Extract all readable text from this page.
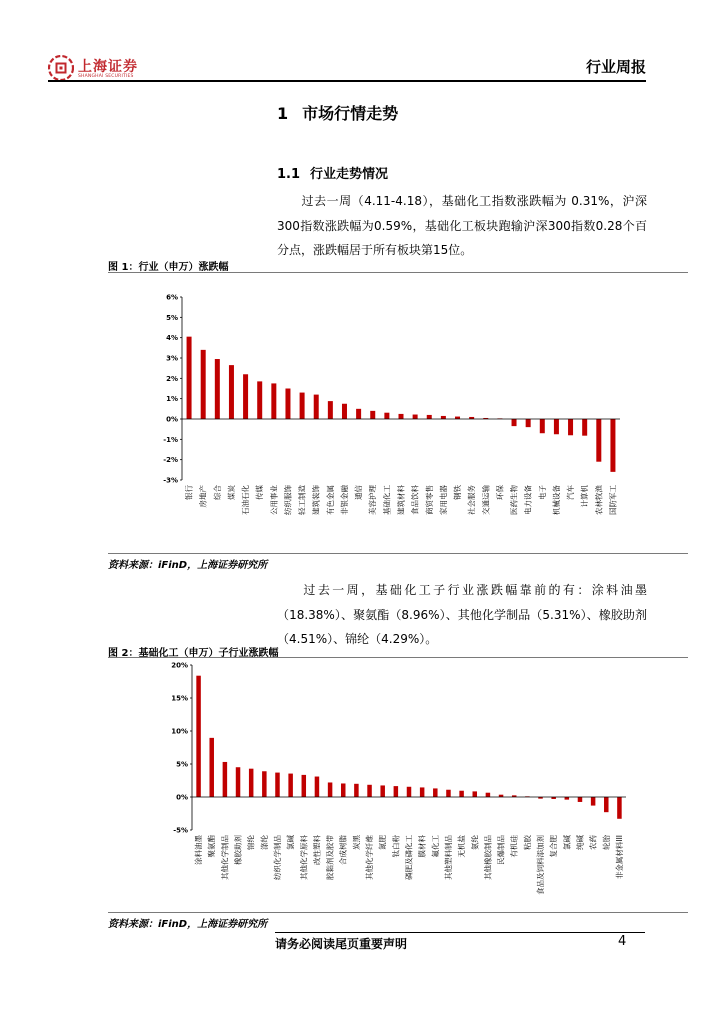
上海证券
SHANGHAI SECURITIES
行业周报
1 市场行情走势
1.1 行业走势情况

过去一周（4.11-4.18），基础化工指数涨跌幅为 0.31%，沪深300指数涨跌幅为0.59%，基础化工板块跑输沪深300指数0.28个百分点，涨跌幅居于所有板块第15位。

图 1：行业（申万）涨跌幅
6%
5%
4%
3%
2%
1%
0%
-1%
-2%
-3%
银行 房地产 综合 煤炭 石油石化 传媒 公用事业 纺织服饰 轻工制造 建筑装饰 有色金属 非银金融 通信 美容护理 基础化工 建筑材料 食品饮料 商贸零售 家用电器 钢铁 社会服务 交通运输 环保 医药生物 电力设备 电子 机械设备 汽车 计算机 农林牧渔 国防军工
资料来源：iFinD，上海证券研究所

过去一周，基础化工子行业涨跌幅靠前的有：涂料油墨（18.38%）、聚氨酯（8.96%）、其他化学制品（5.31%）、橡胶助剂（4.51%）、锦纶（4.29%）。

图 2：基础化工（申万）子行业涨跌幅
20%
15%
10%
5%
0%
-5%
涂料油墨 聚氨酯 其他化学制品 橡胶助剂 锦纶 涤纶 纺织化学制品 氯碱 其他化学原料 改性塑料 胶黏剂及胶带 合成树脂 炭黑 其他化学纤维 氮肥 钛白粉 磷肥及磷化工 膜材料 氟化工 其他塑料制品 无机盐 氨纶 其他橡胶制品 民爆制品 有机硅 粘胶 食品及饲料添加剂 复合肥 氯碱 纯碱 农药 轮胎 非金属材料III
资料来源：iFinD，上海证券研究所
请务必阅读尾页重要声明	4
